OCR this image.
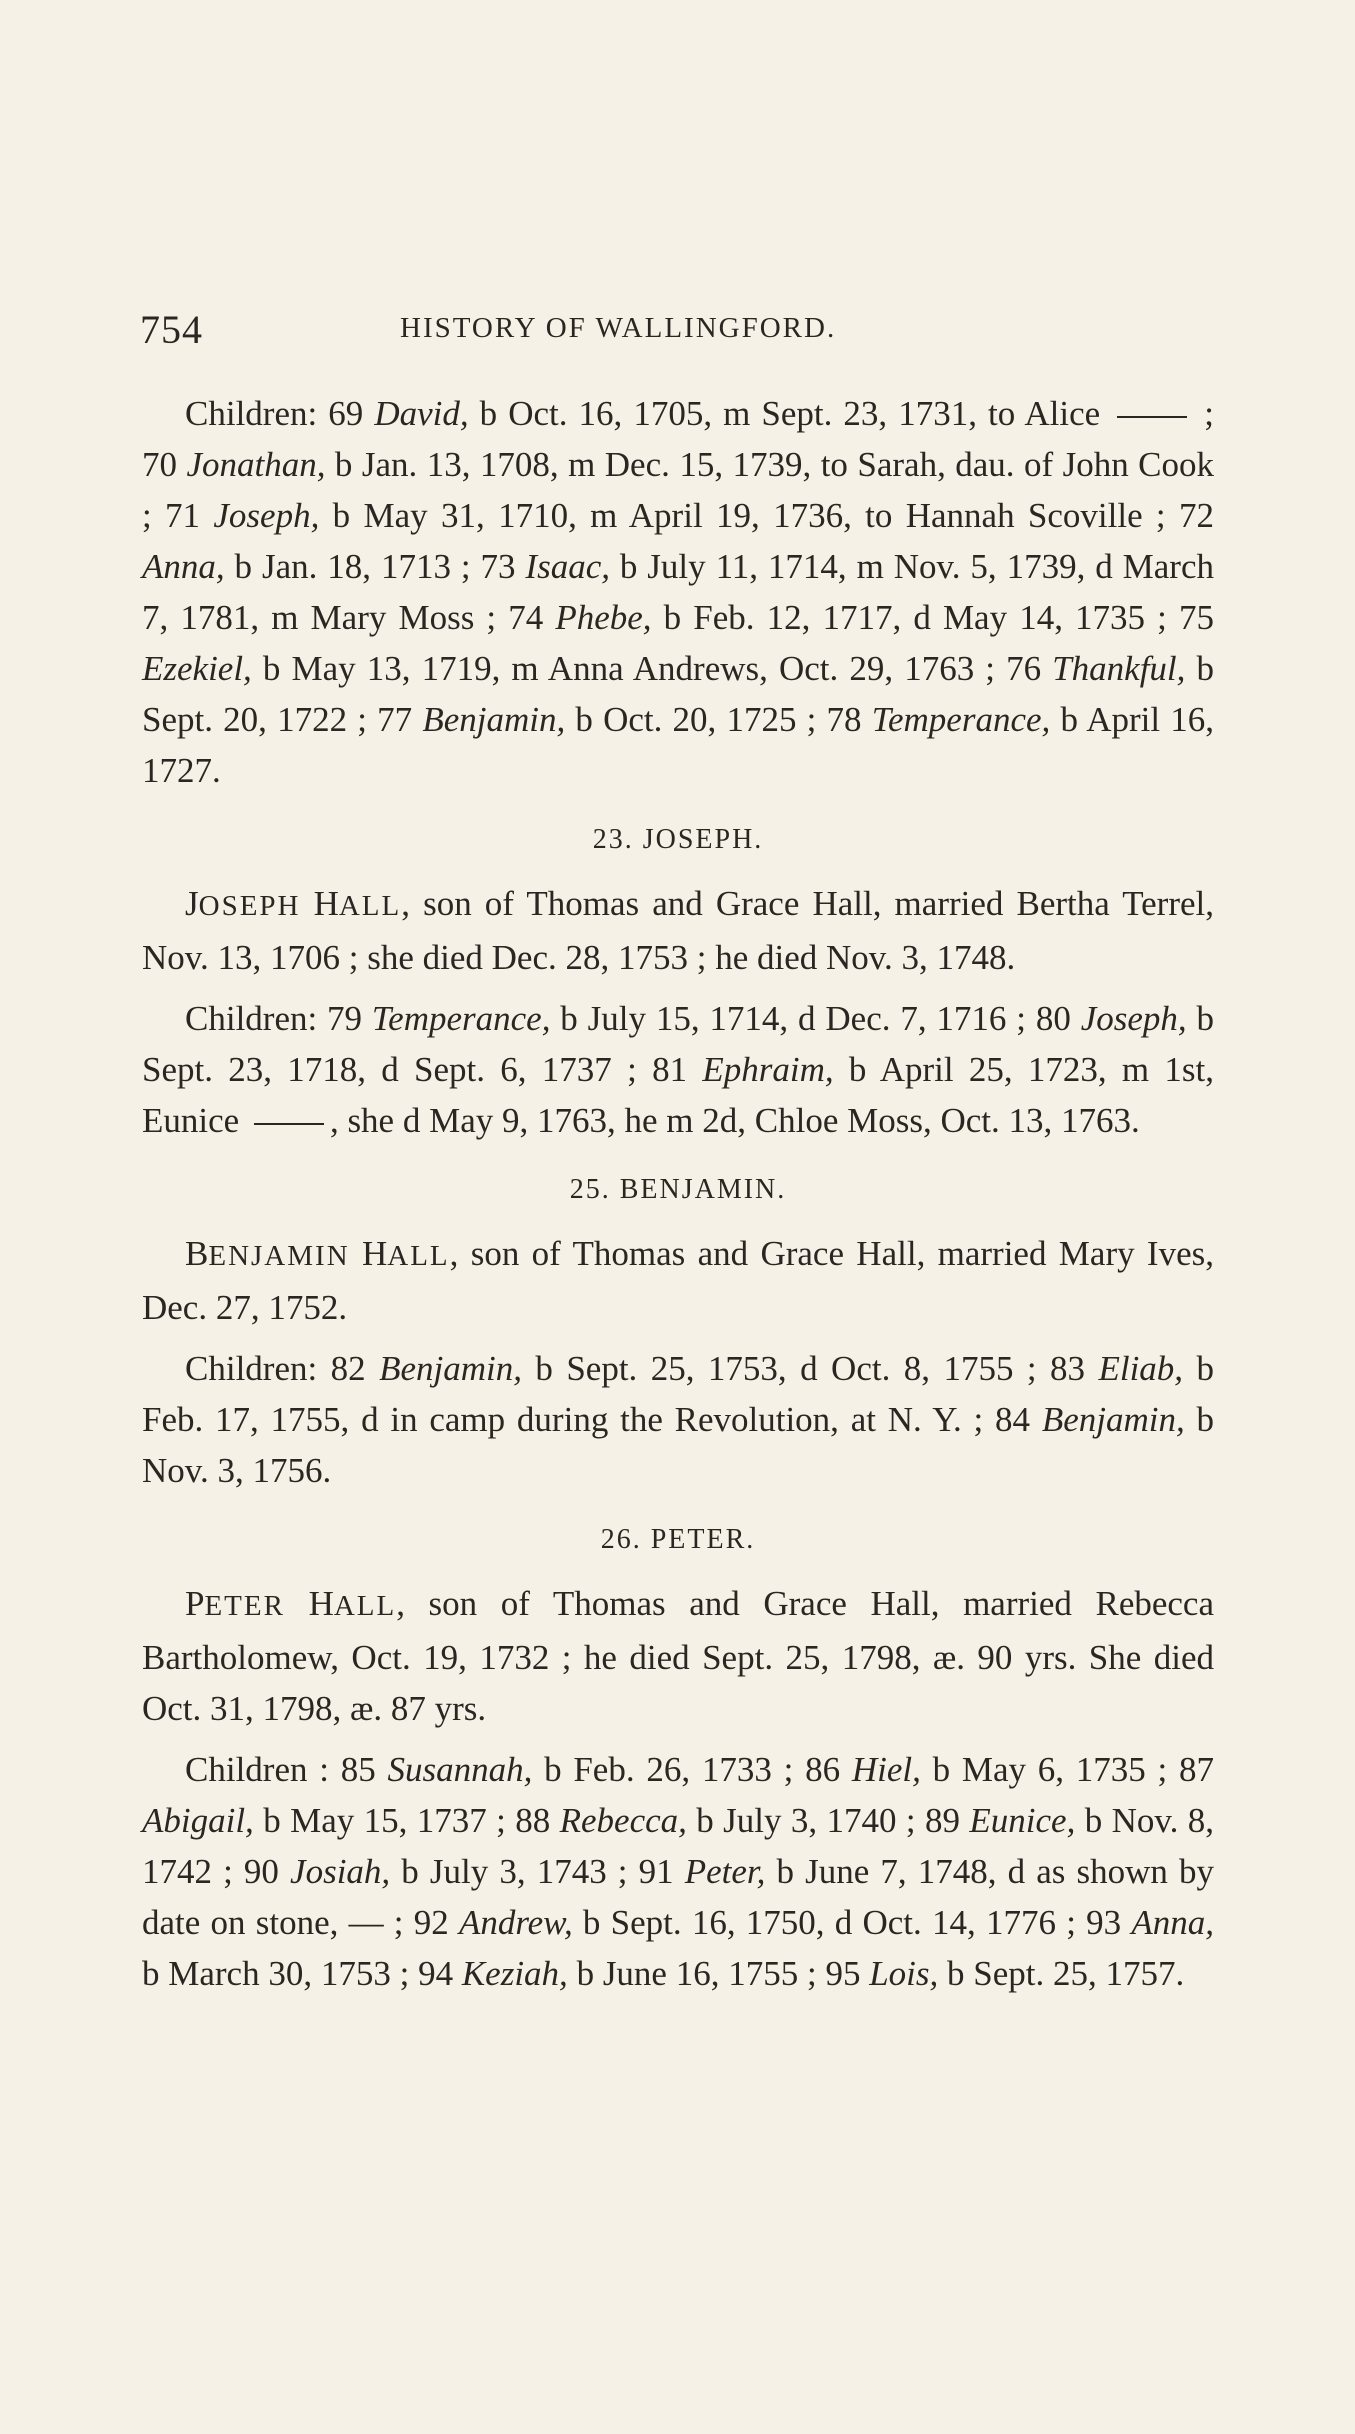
754	HISTORY OF WALLINGFORD.

Children: 69 David, b Oct. 16, 1705, m Sept. 23, 1731, to Alice  ; 70 Jonathan, b Jan. 13, 1708, m Dec. 15, 1739, to Sarah, dau. of John Cook ; 71 Joseph, b May 31, 1710, m April 19, 1736, to Hannah Scoville ; 72 Anna, b Jan. 18, 1713 ; 73 Isaac, b July 11, 1714, m Nov. 5, 1739, d March 7, 1781, m Mary Moss ; 74 Phebe, b Feb. 12, 1717, d May 14, 1735 ; 75 Ezekiel, b May 13, 1719, m Anna Andrews, Oct. 29, 1763 ; 76 Thankful, b Sept. 20, 1722 ; 77 Benjamin, b Oct. 20, 1725 ; 78 Temperance, b April 16, 1727.

23. JOSEPH.

JOSEPH HALL, son of Thomas and Grace Hall, married Bertha Terrel, Nov. 13, 1706 ; she died Dec. 28, 1753 ; he died Nov. 3, 1748.

Children: 79 Temperance, b July 15, 1714, d Dec. 7, 1716 ; 80 Joseph, b Sept. 23, 1718, d Sept. 6, 1737 ; 81 Ephraim, b April 25, 1723, m 1st, Eunice , she d May 9, 1763, he m 2d, Chloe Moss, Oct. 13, 1763.

25. BENJAMIN.

BENJAMIN HALL, son of Thomas and Grace Hall, married Mary Ives, Dec. 27, 1752.

Children: 82 Benjamin, b Sept. 25, 1753, d Oct. 8, 1755 ; 83 Eliab, b Feb. 17, 1755, d in camp during the Revolution, at N. Y. ; 84 Benjamin, b Nov. 3, 1756.

26. PETER.

PETER HALL, son of Thomas and Grace Hall, married Rebecca Bartholomew, Oct. 19, 1732 ; he died Sept. 25, 1798, æ. 90 yrs. She died Oct. 31, 1798, æ. 87 yrs.

Children : 85 Susannah, b Feb. 26, 1733 ; 86 Hiel, b May 6, 1735 ; 87 Abigail, b May 15, 1737 ; 88 Rebecca, b July 3, 1740 ; 89 Eunice, b Nov. 8, 1742 ; 90 Josiah, b July 3, 1743 ; 91 Peter, b June 7, 1748, d as shown by date on stone, — ; 92 Andrew, b Sept. 16, 1750, d Oct. 14, 1776 ; 93 Anna, b March 30, 1753 ; 94 Keziah, b June 16, 1755 ; 95 Lois, b Sept. 25, 1757.
